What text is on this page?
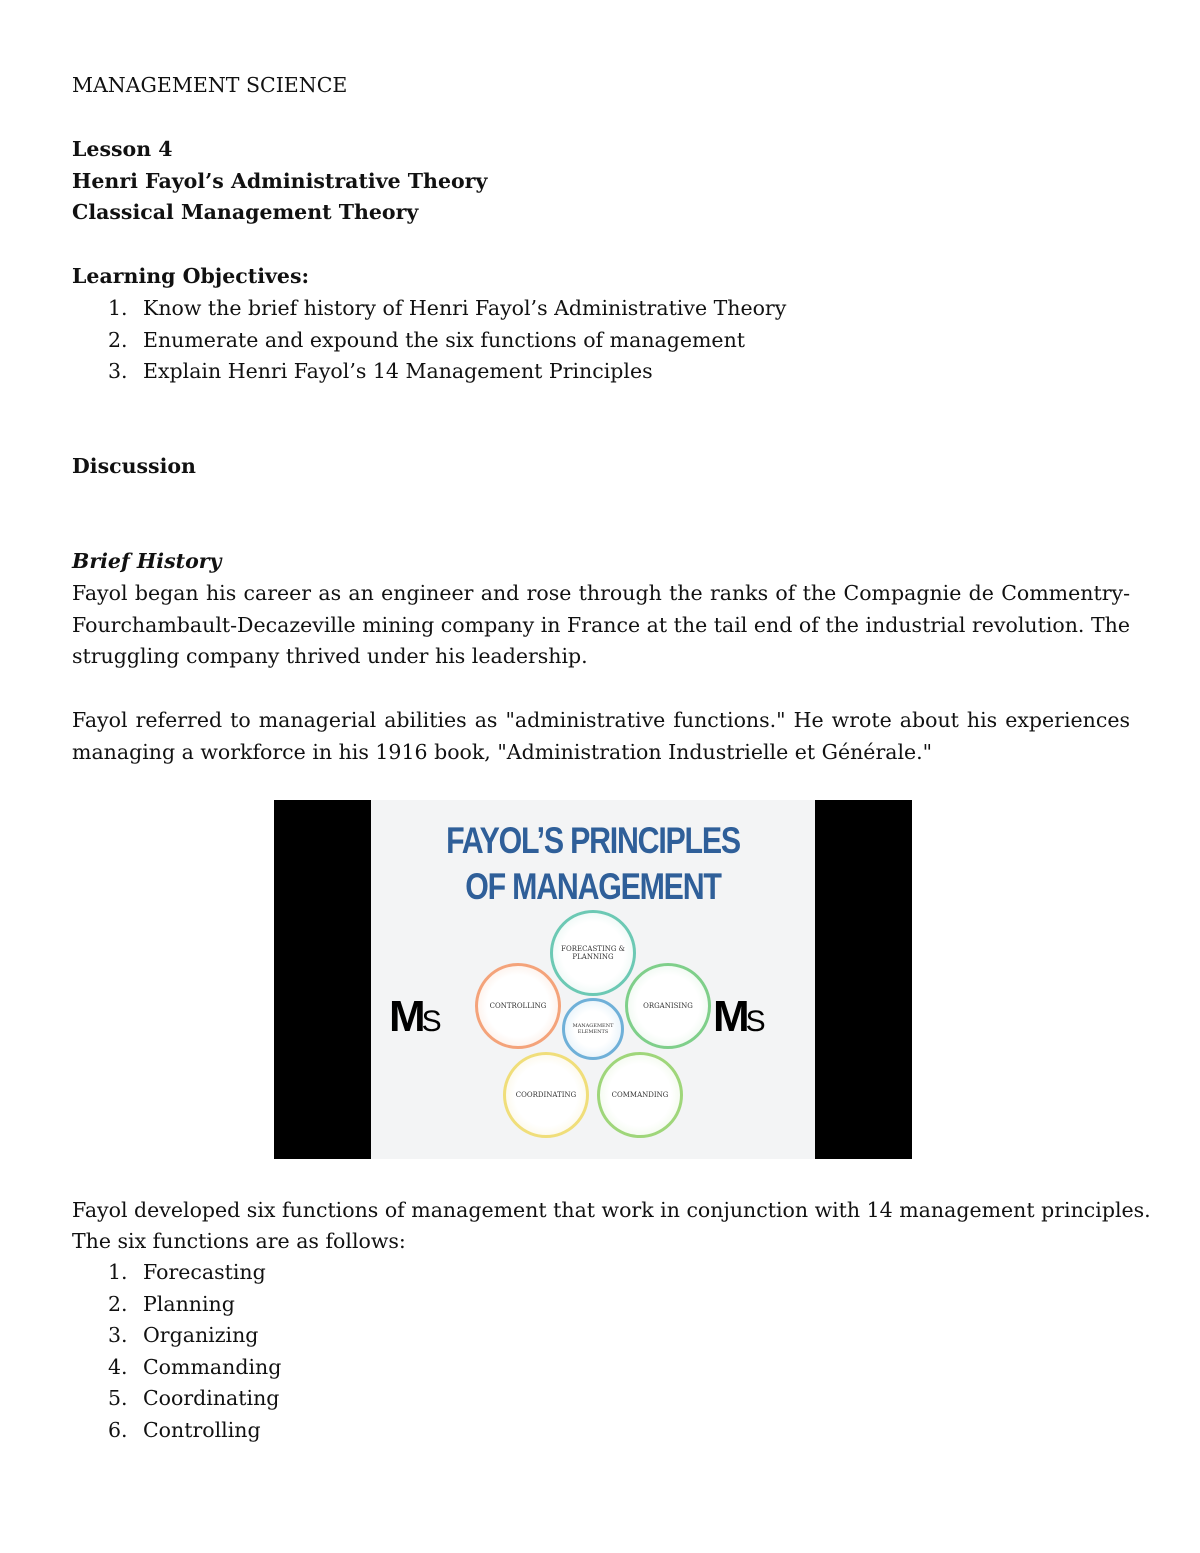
MANAGEMENT SCIENCE
Lesson 4
Henri Fayol’s Administrative Theory
Classical Management Theory
Learning Objectives:
1. Know the brief history of Henri Fayol’s Administrative Theory
2. Enumerate and expound the six functions of management
3. Explain Henri Fayol’s 14 Management Principles
Discussion
Brief History
Fayol began his career as an engineer and rose through the ranks of the Compagnie de Commentry-
Fourchambault-Decazeville mining company in France at the tail end of the industrial revolution. The
struggling company thrived under his leadership.
Fayol referred to managerial abilities as "administrative functions." He wrote about his experiences
managing a workforce in his 1916 book, "Administration Industrielle et Générale."
FAYOL’S PRINCIPLES
OF MANAGEMENT
MS	MS
FORECASTING & PLANNING
CONTROLLING	ORGANISING
MANAGEMENT ELEMENTS
COORDINATING	COMMANDING
Fayol developed six functions of management that work in conjunction with 14 management principles.
The six functions are as follows:
1. Forecasting
2. Planning
3. Organizing
4. Commanding
5. Coordinating
6. Controlling
